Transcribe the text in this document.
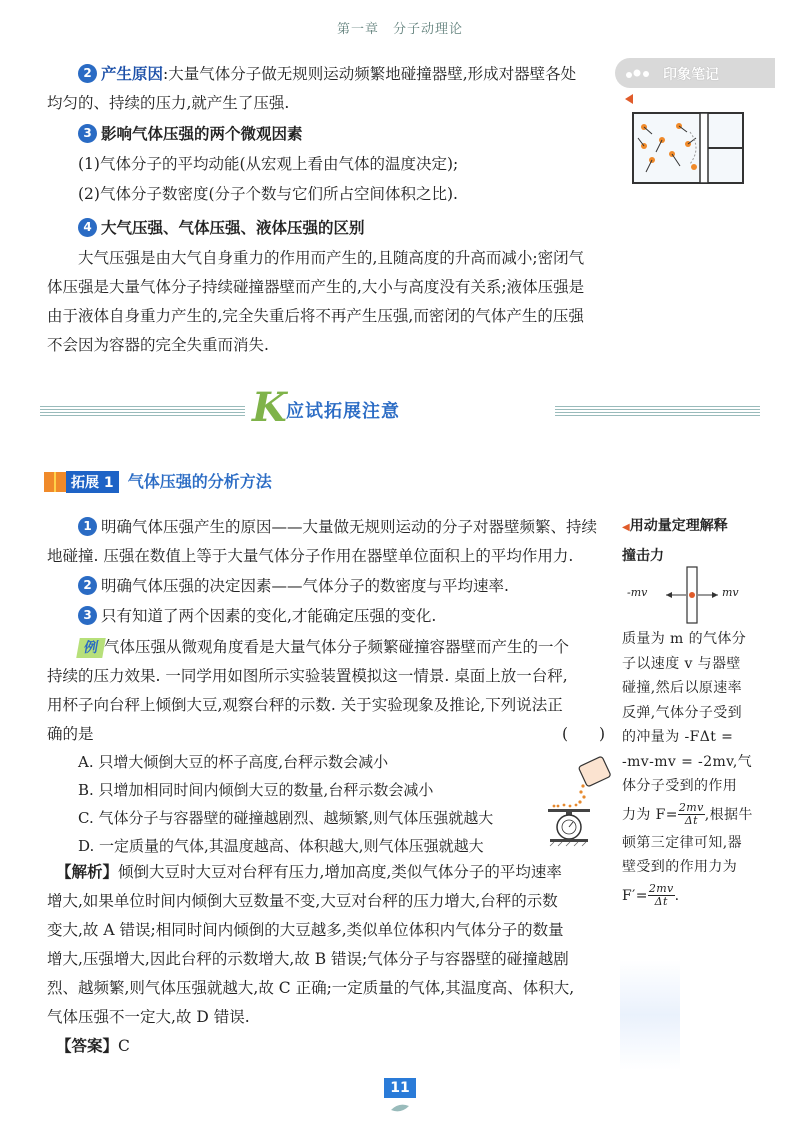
第一章　分子动理论
印象笔记
2 产生原因:大量气体分子做无规则运动频繁地碰撞器壁,形成对器壁各处
均匀的、持续的压力,就产生了压强.
3 影响气体压强的两个微观因素
(1)气体分子的平均动能(从宏观上看由气体的温度决定);
(2)气体分子数密度(分子个数与它们所占空间体积之比).
4 大气压强、气体压强、液体压强的区别
大气压强是由大气自身重力的作用而产生的,且随高度的升高而减小;密闭气
体压强是大量气体分子持续碰撞器壁而产生的,大小与高度没有关系;液体压强是
由于液体自身重力产生的,完全失重后将不再产生压强,而密闭的气体产生的压强
不会因为容器的完全失重而消失.
K 应试拓展注意
拓展 1 气体压强的分析方法
1 明确气体压强产生的原因——大量做无规则运动的分子对器壁频繁、持续
地碰撞. 压强在数值上等于大量气体分子作用在器壁单位面积上的平均作用力.
2 明确气体压强的决定因素——气体分子的数密度与平均速率.
3 只有知道了两个因素的变化,才能确定压强的变化.
例 气体压强从微观角度看是大量气体分子频繁碰撞容器壁而产生的一个
持续的压力效果. 一同学用如图所示实验装置模拟这一情景. 桌面上放一台秤,
用杯子向台秤上倾倒大豆,观察台秤的示数. 关于实验现象及推论,下列说法正
确的是	(　　)
A. 只增大倾倒大豆的杯子高度,台秤示数会减小
B. 只增加相同时间内倾倒大豆的数量,台秤示数会减小
C. 气体分子与容器壁的碰撞越剧烈、越频繁,则气体压强就越大
D. 一定质量的气体,其温度越高、体积越大,则气体压强就越大
【解析】倾倒大豆时大豆对台秤有压力,增加高度,类似气体分子的平均速率
增大,如果单位时间内倾倒大豆数量不变,大豆对台秤的压力增大,台秤的示数
变大,故 A 错误;相同时间内倾倒的大豆越多,类似单位体积内气体分子的数量
增大,压强增大,因此台秤的示数增大,故 B 错误;气体分子与容器壁的碰撞越剧
烈、越频繁,则气体压强就越大,故 C 正确;一定质量的气体,其温度高、体积大,
气体压强不一定大,故 D 错误.
【答案】C
◀用动量定理解释
撞击力
-mv	mv
质量为 m 的气体分
子以速度 v 与器壁
碰撞,然后以原速率
反弹,气体分子受到
的冲量为 -FΔt =
-mv-mv = -2mv,气
体分子受到的作用
力为 $F= \frac{2mv}{\Delta t}$ ,根据牛
顿第三定律可知,器
壁受到的作用力为
$F'= \frac{2mv}{\Delta t}$ .
11
